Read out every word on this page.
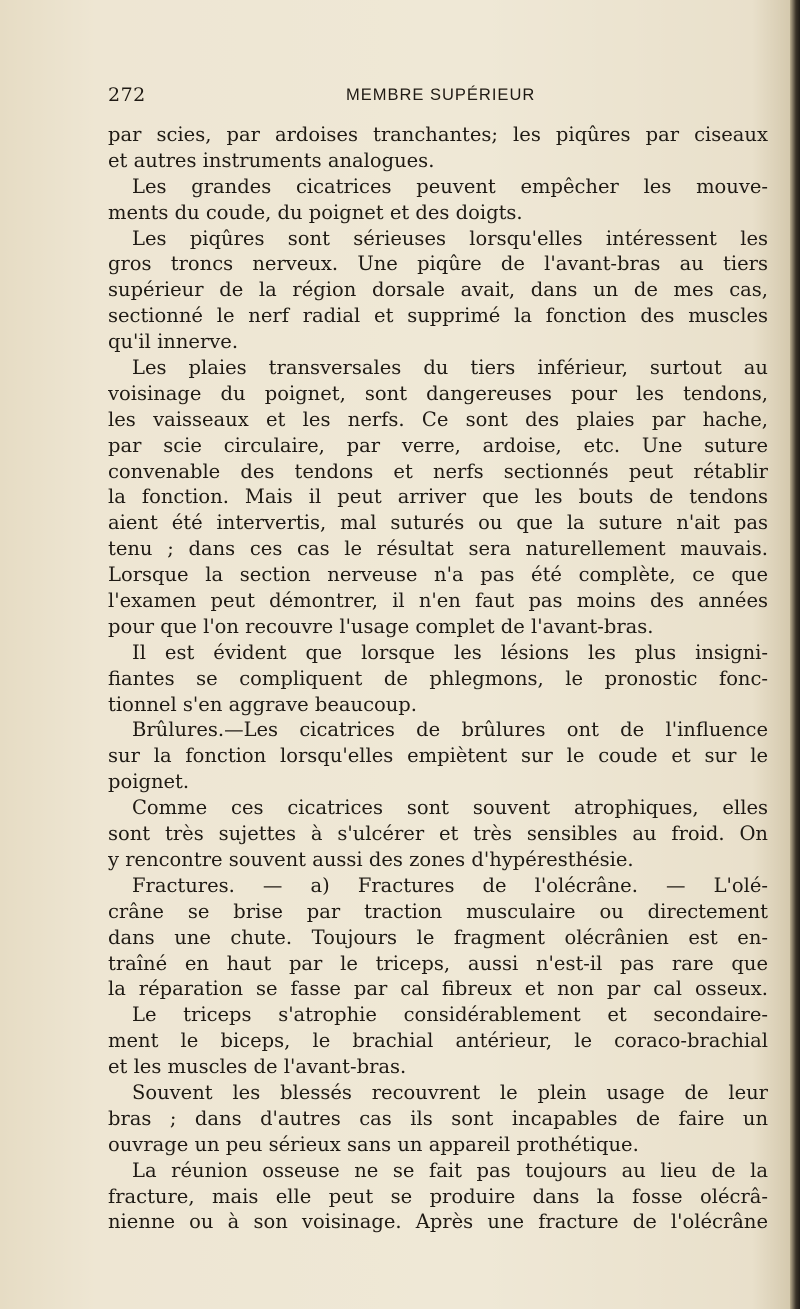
272	MEMBRE SUPÉRIEUR
par scies, par ardoises tranchantes; les piqûres par ciseaux
et autres instruments analogues.
Les grandes cicatrices peuvent empêcher les mouve-
ments du coude, du poignet et des doigts.
Les piqûres sont sérieuses lorsqu'elles intéressent les
gros troncs nerveux. Une piqûre de l'avant-bras au tiers
supérieur de la région dorsale avait, dans un de mes cas,
sectionné le nerf radial et supprimé la fonction des muscles
qu'il innerve.
Les plaies transversales du tiers inférieur, surtout au
voisinage du poignet, sont dangereuses pour les tendons,
les vaisseaux et les nerfs. Ce sont des plaies par hache,
par scie circulaire, par verre, ardoise, etc. Une suture
convenable des tendons et nerfs sectionnés peut rétablir
la fonction. Mais il peut arriver que les bouts de tendons
aient été intervertis, mal suturés ou que la suture n'ait pas
tenu ; dans ces cas le résultat sera naturellement mauvais.
Lorsque la section nerveuse n'a pas été complète, ce que
l'examen peut démontrer, il n'en faut pas moins des années
pour que l'on recouvre l'usage complet de l'avant-bras.
Il est évident que lorsque les lésions les plus insigni-
fiantes se compliquent de phlegmons, le pronostic fonc-
tionnel s'en aggrave beaucoup.
Brûlures.—Les cicatrices de brûlures ont de l'influence
sur la fonction lorsqu'elles empiètent sur le coude et sur le
poignet.
Comme ces cicatrices sont souvent atrophiques, elles
sont très sujettes à s'ulcérer et très sensibles au froid. On
y rencontre souvent aussi des zones d'hypéresthésie.
Fractures. — a) Fractures de l'olécrâne. — L'olé-
crâne se brise par traction musculaire ou directement
dans une chute. Toujours le fragment olécrânien est en-
traîné en haut par le triceps, aussi n'est-il pas rare que
la réparation se fasse par cal fibreux et non par cal osseux.
Le triceps s'atrophie considérablement et secondaire-
ment le biceps, le brachial antérieur, le coraco-brachial
et les muscles de l'avant-bras.
Souvent les blessés recouvrent le plein usage de leur
bras ; dans d'autres cas ils sont incapables de faire un
ouvrage un peu sérieux sans un appareil prothétique.
La réunion osseuse ne se fait pas toujours au lieu de la
fracture, mais elle peut se produire dans la fosse olécrâ-
nienne ou à son voisinage. Après une fracture de l'olécrâne
